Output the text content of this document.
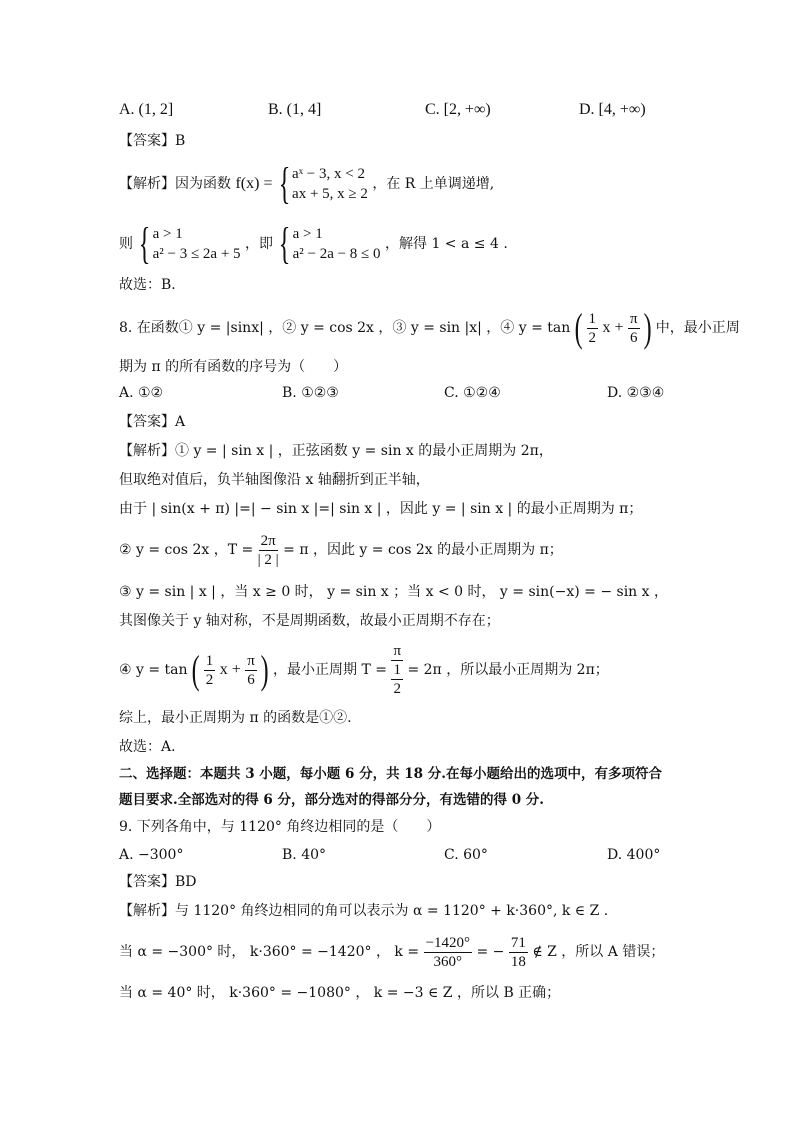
A. (1, 2]	B. (1, 4]	C. [2, +∞)	D. [4, +∞)
【答案】B
【解析】因为函数 f(x) = { aˣ − 3, x < 2
ax + 5, x ≥ 2
，在 R 上单调递增,
则 { a > 1
a² − 3 ≤ 2a + 5
，即 { a > 1
a² − 2a − 8 ≤ 0
，解得 1 < a ≤ 4 .
故选：B.
8. 在函数① y = |sinx| ，② y = cos 2x ，③ y = sin |x| ，④ y = tan ( $\frac{1}{2}$ $x + \frac{\pi}{6}$ ) 中，最小正周
期为 π 的所有函数的序号为（　　）
A. ①②	B. ①②③	C. ①②④	D. ②③④
【答案】A
【解析】① y = | sin x | ，正弦函数 y = sin x 的最小正周期为 2π，
但取绝对值后，负半轴图像沿 x 轴翻折到正半轴，
由于 | sin(x + π) |=| − sin x |=| sin x | ，因此 y = | sin x | 的最小正周期为 π；
② y = cos 2x ，$T = \frac{2\pi}{| 2 |} = \pi$ ，因此 y = cos 2x 的最小正周期为 π；
③ y = sin | x | ，当 x ≥ 0 时， y = sin x ；当 x < 0 时， y = sin(−x) = − sin x ，
其图像关于 y 轴对称，不是周期函数，故最小正周期不存在；
④ y = tan ( $\frac{1}{2}$ $x + \frac{\pi}{6}$ ) ，最小正周期 $T = \frac{\pi}{\frac{1}{2}} = 2\pi$ ，所以最小正周期为 2π；
综上，最小正周期为 π 的函数是①②.
故选：A.
二、选择题：本题共 3 小题，每小题 6 分，共 18 分.在每小题给出的选项中，有多项符合
题目要求.全部选对的得 6 分，部分选对的得部分分，有选错的得 0 分.
9. 下列各角中，与 1120° 角终边相同的是（　　）
A. −300°	B. 40°	C. 60°	D. 400°
【答案】BD
【解析】与 1120° 角终边相同的角可以表示为 α = 1120° + k·360°, k ∈ Z .
当 α = −300° 时， k·360° = −1420° ， $k = \frac{-1420^\circ}{360^\circ}$ = − $\frac{71}{18}$ ∉ Z ，所以 A 错误；
当 α = 40° 时， k·360° = −1080° ， k = −3 ∈ Z ，所以 B 正确；
